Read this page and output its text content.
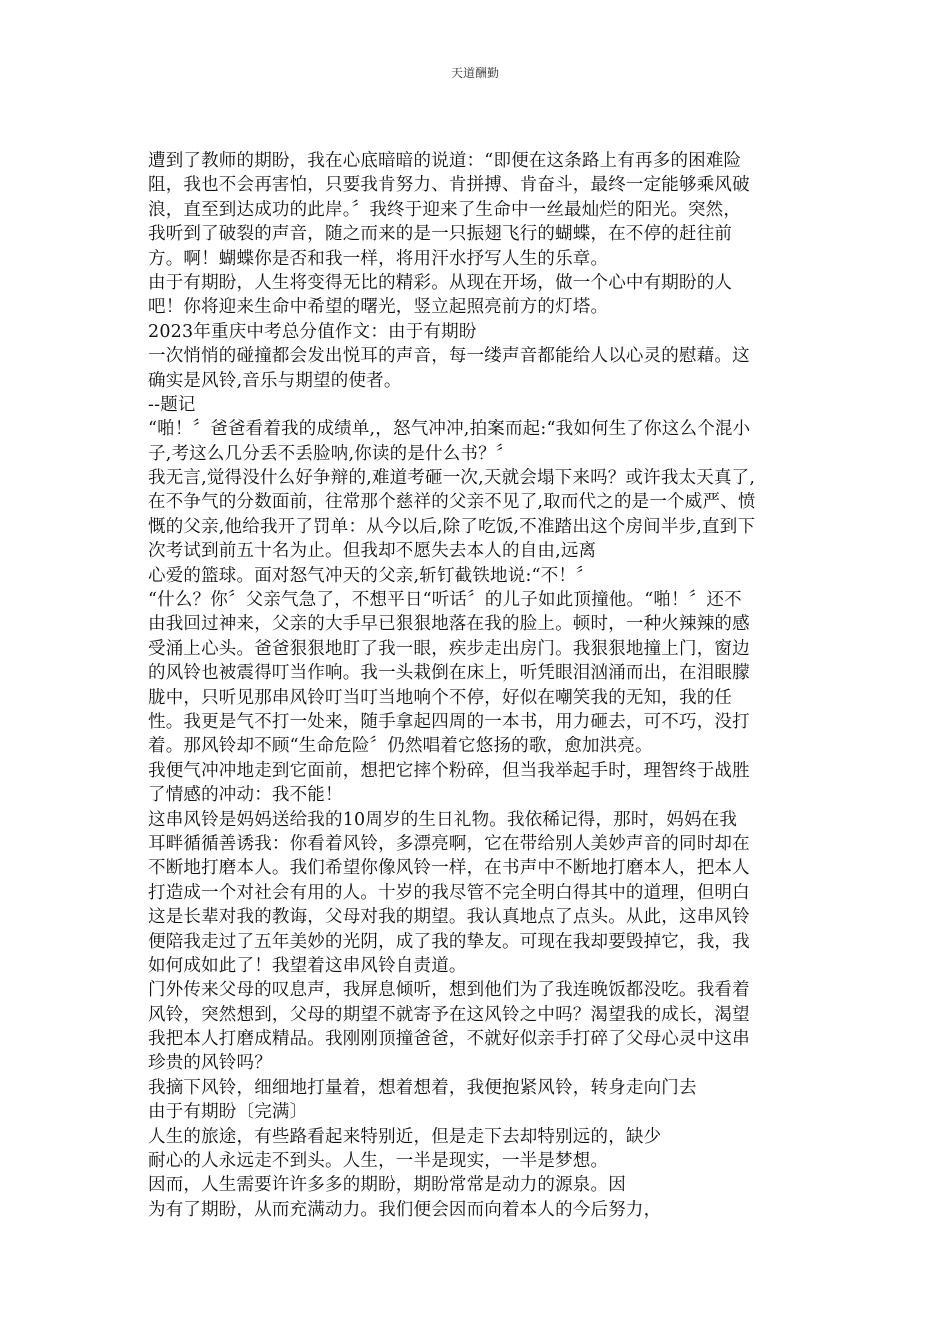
天道酬勤
遭到了教师的期盼，我在心底暗暗的说道：“即便在这条路上有再多的困难险
阻，我也不会再害怕，只要我肯努力、肯拼搏、肯奋斗，最终一定能够乘风破
浪，直至到达成功的此岸。〞我终于迎来了生命中一丝最灿烂的阳光。突然，
我听到了破裂的声音，随之而来的是一只振翅飞行的蝴蝶，在不停的赶往前
方。啊！蝴蝶你是否和我一样，将用汗水抒写人生的乐章。
由于有期盼，人生将变得无比的精彩。从现在开场，做一个心中有期盼的人
吧！你将迎来生命中希望的曙光，竖立起照亮前方的灯塔。
2023年重庆中考总分值作文：由于有期盼
一次悄悄的碰撞都会发出悦耳的声音，每一缕声音都能给人以心灵的慰藉。这
确实是风铃,音乐与期望的使者。
--题记
“啪！〞爸爸看着我的成绩单,，怒气冲冲,拍案而起:“我如何生了你这么个混小
子,考这么几分丢不丢脸呐,你读的是什么书？〞
我无言,觉得没什么好争辩的,难道考砸一次,天就会塌下来吗？或许我太天真了,
在不争气的分数面前，往常那个慈祥的父亲不见了,取而代之的是一个威严、愤
慨的父亲,他给我开了罚单：从今以后,除了吃饭,不准踏出这个房间半步,直到下
次考试到前五十名为止。但我却不愿失去本人的自由,远离
心爱的篮球。面对怒气冲天的父亲,斩钉截铁地说:“不！〞
“什么？你〞父亲气急了，不想平日“听话〞的儿子如此顶撞他。“啪！〞还不
由我回过神来，父亲的大手早已狠狠地落在我的脸上。顿时，一种火辣辣的感
受涌上心头。爸爸狠狠地盯了我一眼，疾步走出房门。我狠狠地撞上门，窗边
的风铃也被震得叮当作响。我一头栽倒在床上，听凭眼泪汹涌而出，在泪眼朦
胧中，只听见那串风铃叮当叮当地响个不停，好似在嘲笑我的无知，我的任
性。我更是气不打一处来，随手拿起四周的一本书，用力砸去，可不巧，没打
着。那风铃却不顾“生命危险〞仍然唱着它悠扬的歌，愈加洪亮。
我便气冲冲地走到它面前，想把它摔个粉碎，但当我举起手时，理智终于战胜
了情感的冲动：我不能！
这串风铃是妈妈送给我的10周岁的生日礼物。我依稀记得，那时，妈妈在我
耳畔循循善诱我：你看着风铃，多漂亮啊，它在带给别人美妙声音的同时却在
不断地打磨本人。我们希望你像风铃一样，在书声中不断地打磨本人，把本人
打造成一个对社会有用的人。十岁的我尽管不完全明白得其中的道理，但明白
这是长辈对我的教诲，父母对我的期望。我认真地点了点头。从此，这串风铃
便陪我走过了五年美妙的光阴，成了我的挚友。可现在我却要毁掉它，我，我
如何成如此了！我望着这串风铃自责道。
门外传来父母的叹息声，我屏息倾听，想到他们为了我连晚饭都没吃。我看着
风铃，突然想到，父母的期望不就寄予在这风铃之中吗？渴望我的成长，渴望
我把本人打磨成精品。我刚刚顶撞爸爸，不就好似亲手打碎了父母心灵中这串
珍贵的风铃吗？
我摘下风铃，细细地打量着，想着想着，我便抱紧风铃，转身走向门去
由于有期盼〔完满〕
人生的旅途，有些路看起来特别近，但是走下去却特别远的，缺少
耐心的人永远走不到头。人生，一半是现实，一半是梦想。
因而，人生需要许许多多的期盼，期盼常常是动力的源泉。因
为有了期盼，从而充满动力。我们便会因而向着本人的今后努力，
